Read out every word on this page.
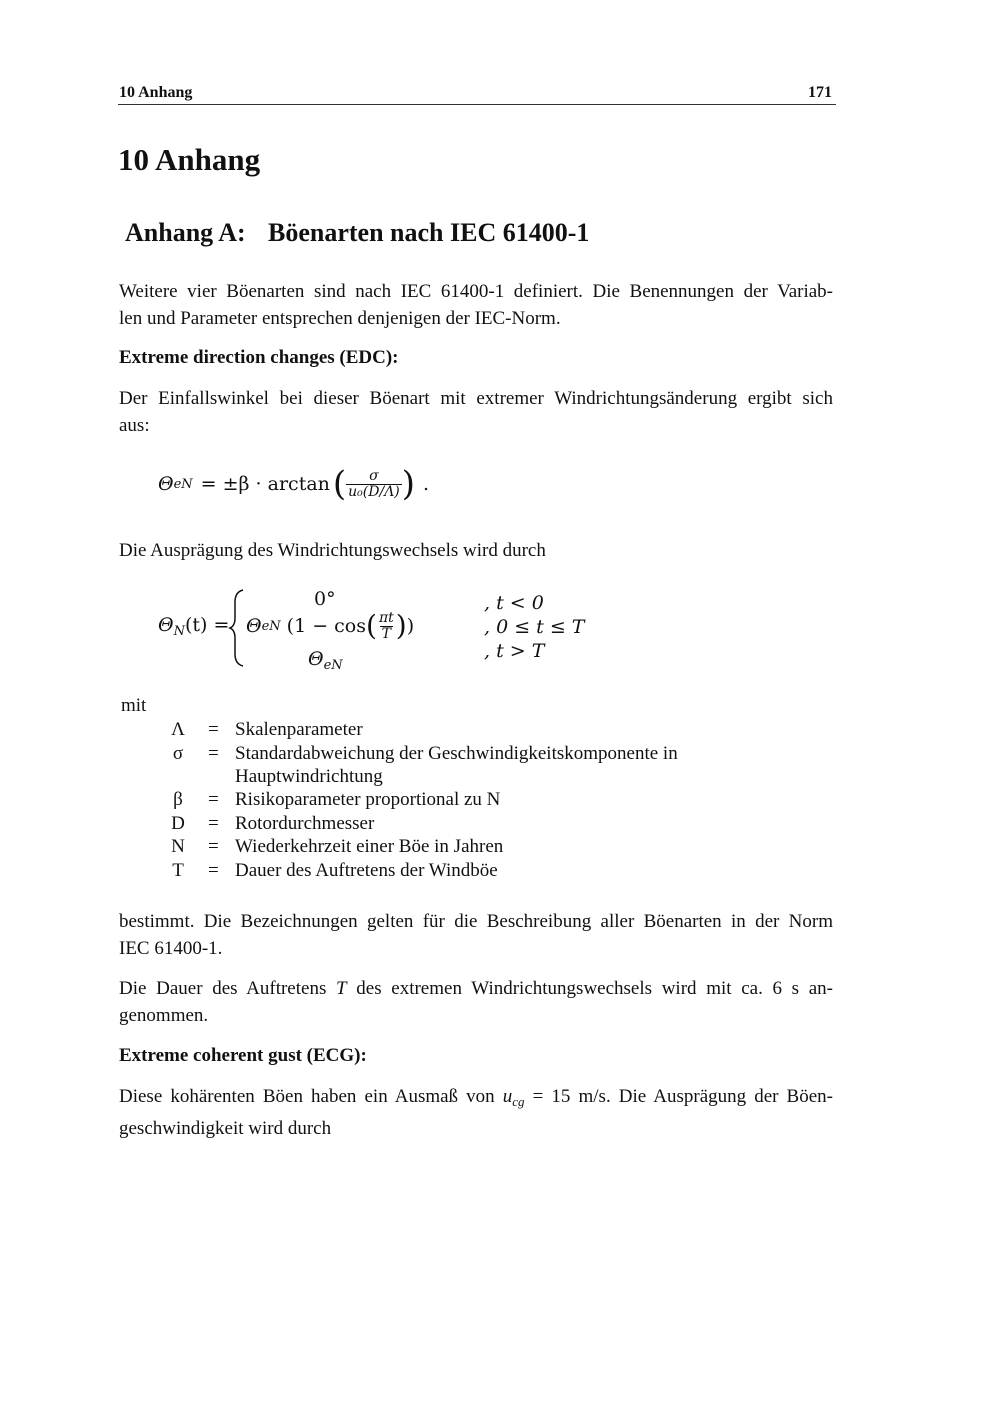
10 Anhang	171
10 Anhang
Anhang A: Böenarten nach IEC 61400-1
Weitere vier Böenarten sind nach IEC 61400-1 definiert. Die Benennungen der Variab-
len und Parameter entsprechen denjenigen der IEC-Norm.
Extreme direction changes (EDC):
Der Einfallswinkel bei dieser Böenart mit extremer Windrichtungsänderung ergibt sich
aus:
Θ eN = ±β · arctan ( $\frac{\sigma}{\text{u₀(D/Λ)}}$ ) .
Die Ausprägung des Windrichtungswechsels wird durch
$\Theta_N(t)$ =
0°
Θ eN (1 − cos ( $\frac{\pi t}{T}$ ) )
$\Theta_{eN}$
, t < 0
, 0 ≤ t ≤ T
, t > T
mit
Λ = Skalenparameter
σ	= Standardabweichung der Geschwindigkeitskomponente in
Hauptwindrichtung
β	= Risikoparameter proportional zu N
D = Rotordurchmesser
N = Wiederkehrzeit einer Böe in Jahren
T	= Dauer des Auftretens der Windböe
bestimmt. Die Bezeichnungen gelten für die Beschreibung aller Böenarten in der Norm
IEC 61400-1.
Die Dauer des Auftretens T des extremen Windrichtungswechsels wird mit ca. 6 s an-
genommen.
Extreme coherent gust (ECG):
Diese kohärenten Böen haben ein Ausmaß von $u_{cg} = 15$ m/s. Die Ausprägung der Böen-
geschwindigkeit wird durch
